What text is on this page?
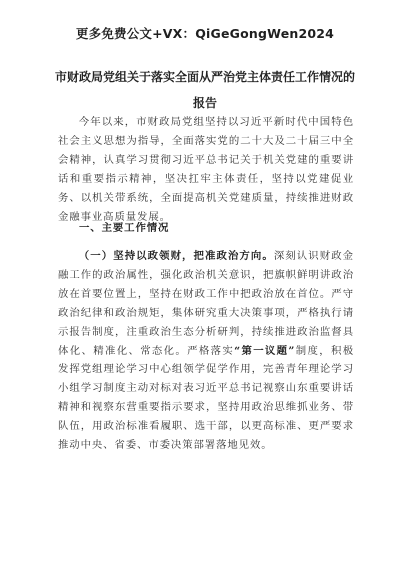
更多免费公文+VX：QiGeGongWen2024
市财政局党组关于落实全面从严治党主体责任工作情况的报告
今年以来，市财政局党组坚持以习近平新时代中国特色社会主义思想为指导，全面落实党的二十大及二十届三中全会精神，认真学习贯彻习近平总书记关于机关党建的重要讲话和重要指示精神，坚决扛牢主体责任，坚持以党建促业务、以机关带系统，全面提高机关党建质量，持续推进财政金融事业高质量发展。
一、主要工作情况
（一）坚持以政领财，把准政治方向。深刻认识财政金融工作的政治属性，强化政治机关意识，把旗帜鲜明讲政治放在首要位置上，坚持在财政工作中把政治放在首位。严守政治纪律和政治规矩，集体研究重大决策事项，严格执行请示报告制度，注重政治生态分析研判，持续推进政治监督具体化、精准化、常态化。严格落实“第一议题”制度，积极发挥党组理论学习中心组领学促学作用，完善青年理论学习小组学习制度主动对标对表习近平总书记视察山东重要讲话精神和视察东营重要指示要求，坚持用政治思维抓业务、带队伍，用政治标准看履职、选干部，以更高标准、更严要求推动中央、省委、市委决策部署落地见效。
